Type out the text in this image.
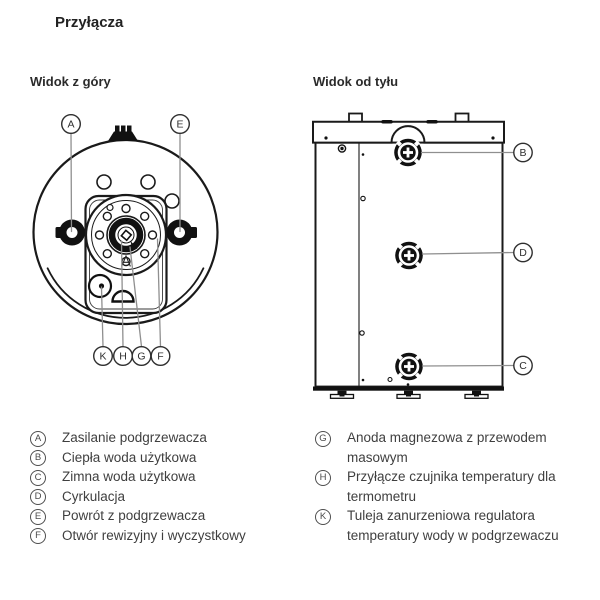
Przyłącza
Widok z góry	Widok od tyłu
A	E
K H G F
B
D
C
A	Zasilanie podgrzewacza
B	Ciepła woda użytkowa
C	Zimna woda użytkowa
D	Cyrkulacja
E	Powrót z podgrzewacza
F	Otwór rewizyjny i wyczystkowy
G	Anoda magnezowa z przewodem masowym
H	Przyłącze czujnika temperatury dla termometru
K	Tuleja zanurzeniowa regulatora temperatury wody w podgrzewaczu
